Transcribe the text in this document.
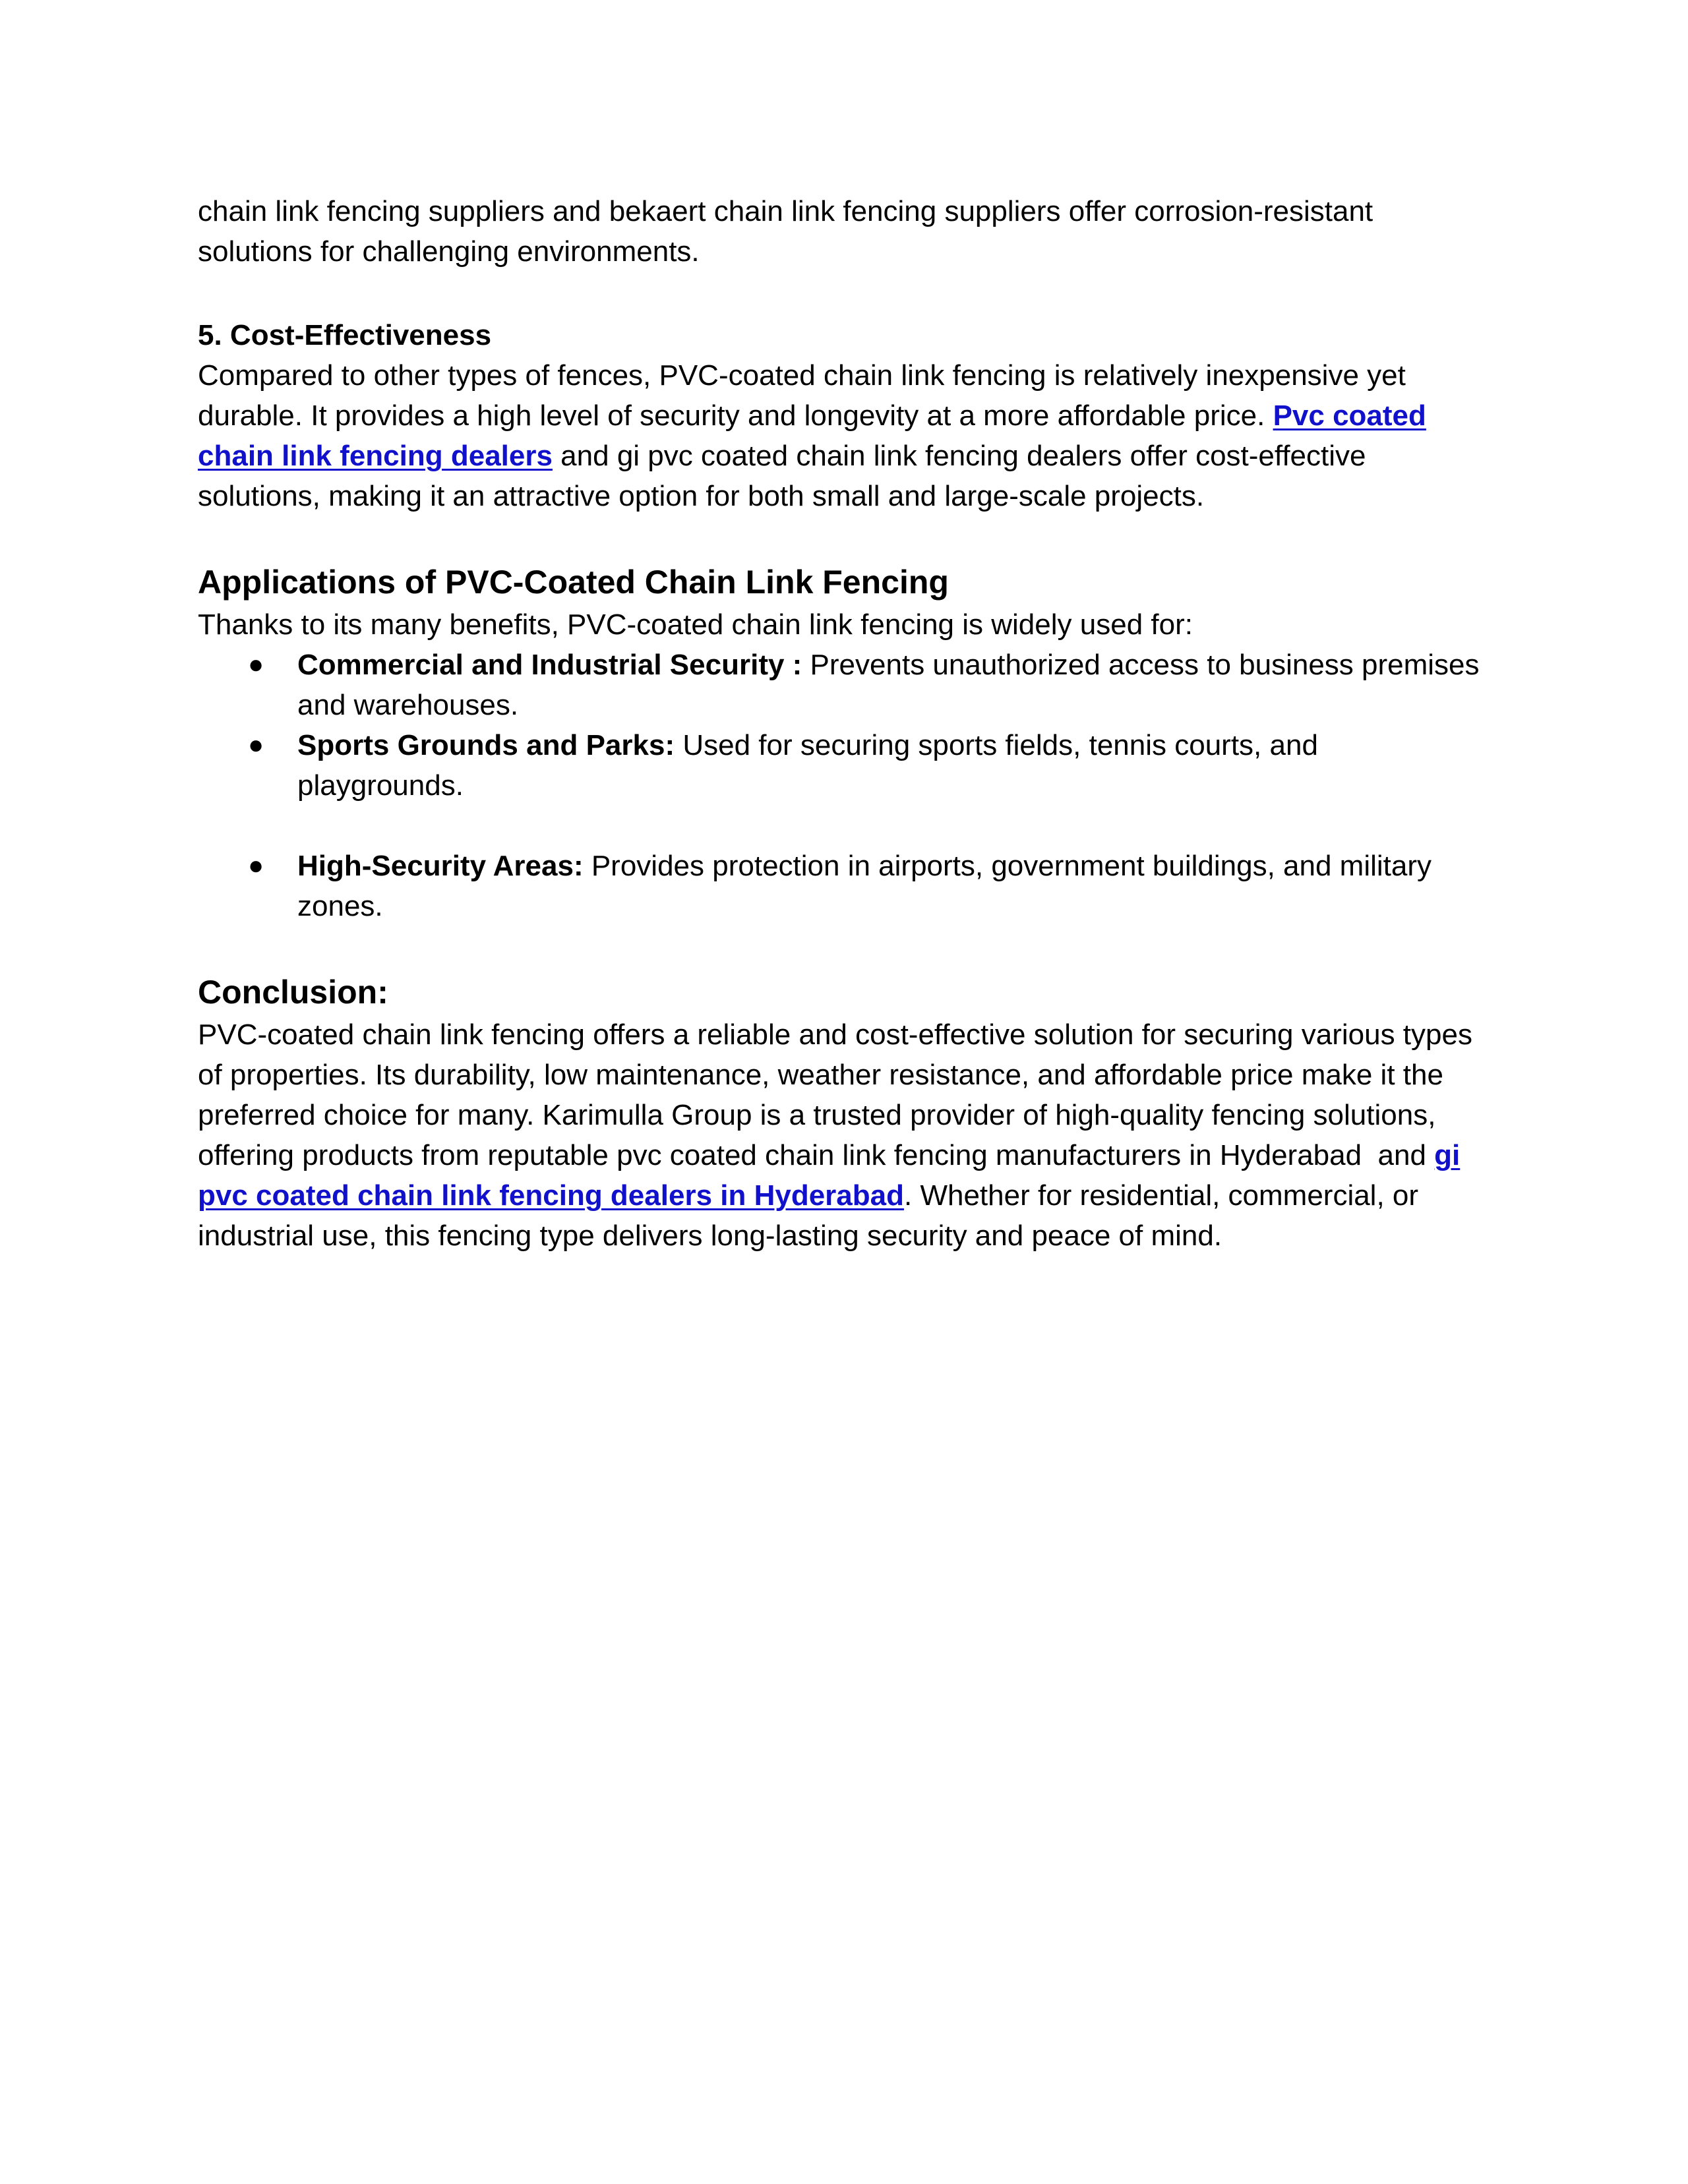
chain link fencing suppliers and bekaert chain link fencing suppliers offer corrosion-resistant solutions for challenging environments.

5. Cost-Effectiveness

Compared to other types of fences, PVC-coated chain link fencing is relatively inexpensive yet durable. It provides a high level of security and longevity at a more affordable price. Pvc coated chain link fencing dealers and gi pvc coated chain link fencing dealers offer cost-effective solutions, making it an attractive option for both small and large-scale projects.

Applications of PVC-Coated Chain Link Fencing

Thanks to its many benefits, PVC-coated chain link fencing is widely used for:

● Commercial and Industrial Security : Prevents unauthorized access to business premises and warehouses.
● Sports Grounds and Parks: Used for securing sports fields, tennis courts, and playgrounds.
● High-Security Areas: Provides protection in airports, government buildings, and military zones.
Conclusion:

PVC-coated chain link fencing offers a reliable and cost-effective solution for securing various types of properties. Its durability, low maintenance, weather resistance, and affordable price make it the preferred choice for many. Karimulla Group is a trusted provider of high-quality fencing solutions, offering products from reputable pvc coated chain link fencing manufacturers in Hyderabad  and gi pvc coated chain link fencing dealers in Hyderabad. Whether for residential, commercial, or industrial use, this fencing type delivers long-lasting security and peace of mind.
